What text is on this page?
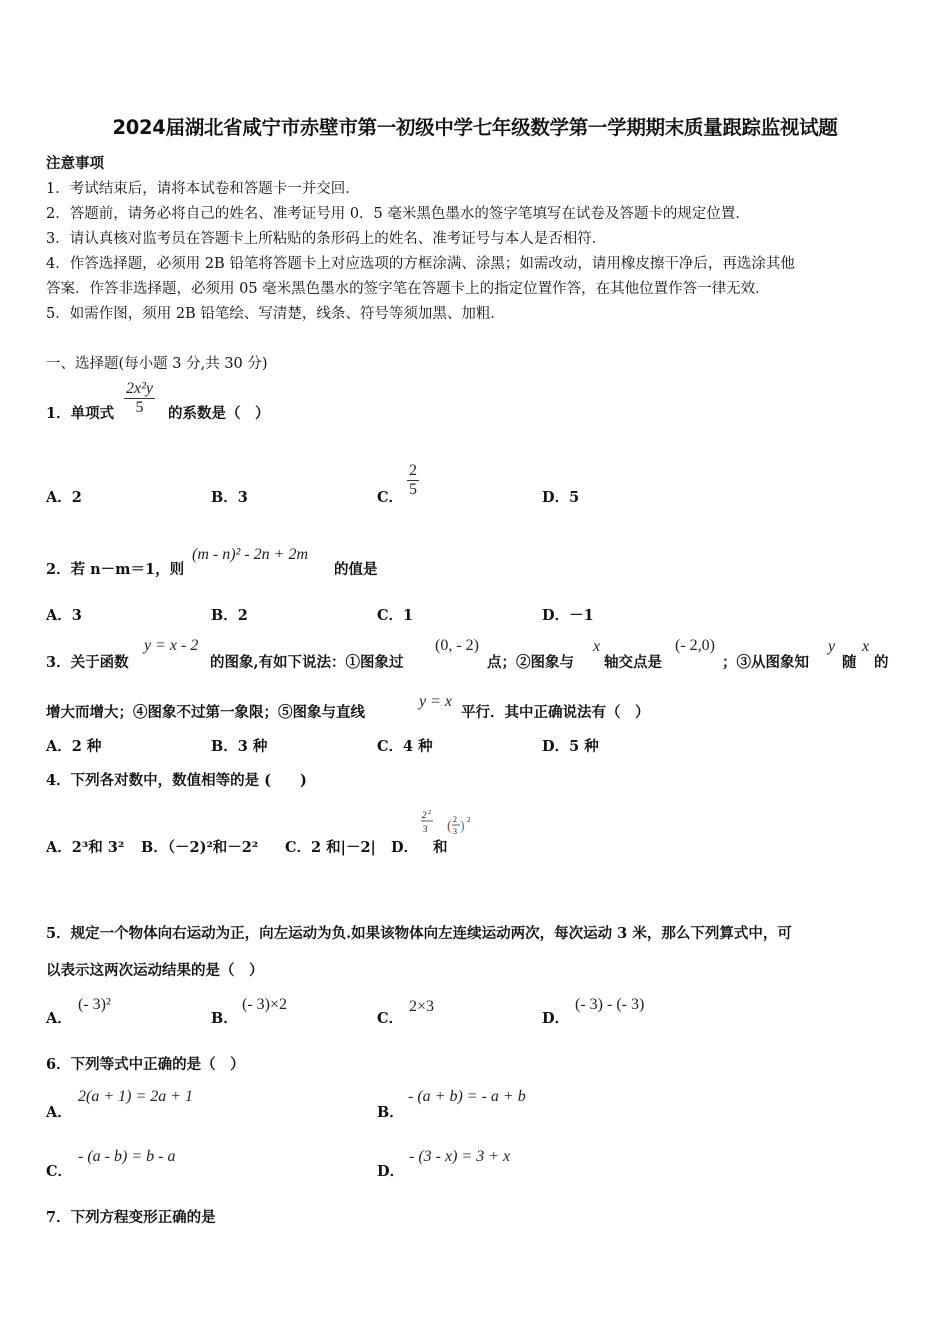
2024届湖北省咸宁市赤壁市第一初级中学七年级数学第一学期期末质量跟踪监视试题
注意事项
1．考试结束后，请将本试卷和答题卡一并交回．
2．答题前，请务必将自己的姓名、准考证号用 0．5 毫米黑色墨水的签字笔填写在试卷及答题卡的规定位置．
3．请认真核对监考员在答题卡上所粘贴的条形码上的姓名、准考证号与本人是否相符．
4．作答选择题，必须用 2B 铅笔将答题卡上对应选项的方框涂满、涂黑；如需改动，请用橡皮擦干净后，再选涂其他
答案．作答非选择题，必须用 05 毫米黑色墨水的签字笔在答题卡上的指定位置作答，在其他位置作答一律无效．
5．如需作图，须用 2B 铅笔绘、写清楚，线条、符号等须加黑、加粗．
一、选择题(每小题 3 分,共 30 分)
1．单项式 $\frac{\text{2x²y}}{5}$ 的系数是（　）
A．2	B．3	C． $\frac{2}{5}$	D．5
2．若 n－m＝1，则
(m - n)² - 2n + 2m
的值是
A．3	B．2	C．1	D．－1
3．关于函数
y = x - 2
的图象,有如下说法：①图象过
(0, - 2)
点；②图象与
x
轴交点是
(- 2,0)
；③从图象知
y
随
x
的
增大而增大；④图象不过第一象限；⑤图象与直线
y = x
平行．其中正确说法有（　）
A．2 种	B．3 种	C．4 种	D．5 种
4．下列各对数中，数值相等的是 (　　)
A．2³和 3² B．（－2)²和－2² C．2 和|－2| D．
2 2
3
和
( 2
3 ) 2
5．规定一个物体向右运动为正，向左运动为负.如果该物体向左连续运动两次，每次运动 3 米，那么下列算式中，可
以表示这两次运动结果的是（　）
A．
(- 3)²
B．
(- 3)×2
C．
2×3
D．
(- 3) - (- 3)
6．下列等式中正确的是（　）
A．
2(a + 1) = 2a + 1
B．
- (a + b) = - a + b
C．
- (a - b) = b - a
D．
- (3 - x) = 3 + x
7．下列方程变形正确的是
